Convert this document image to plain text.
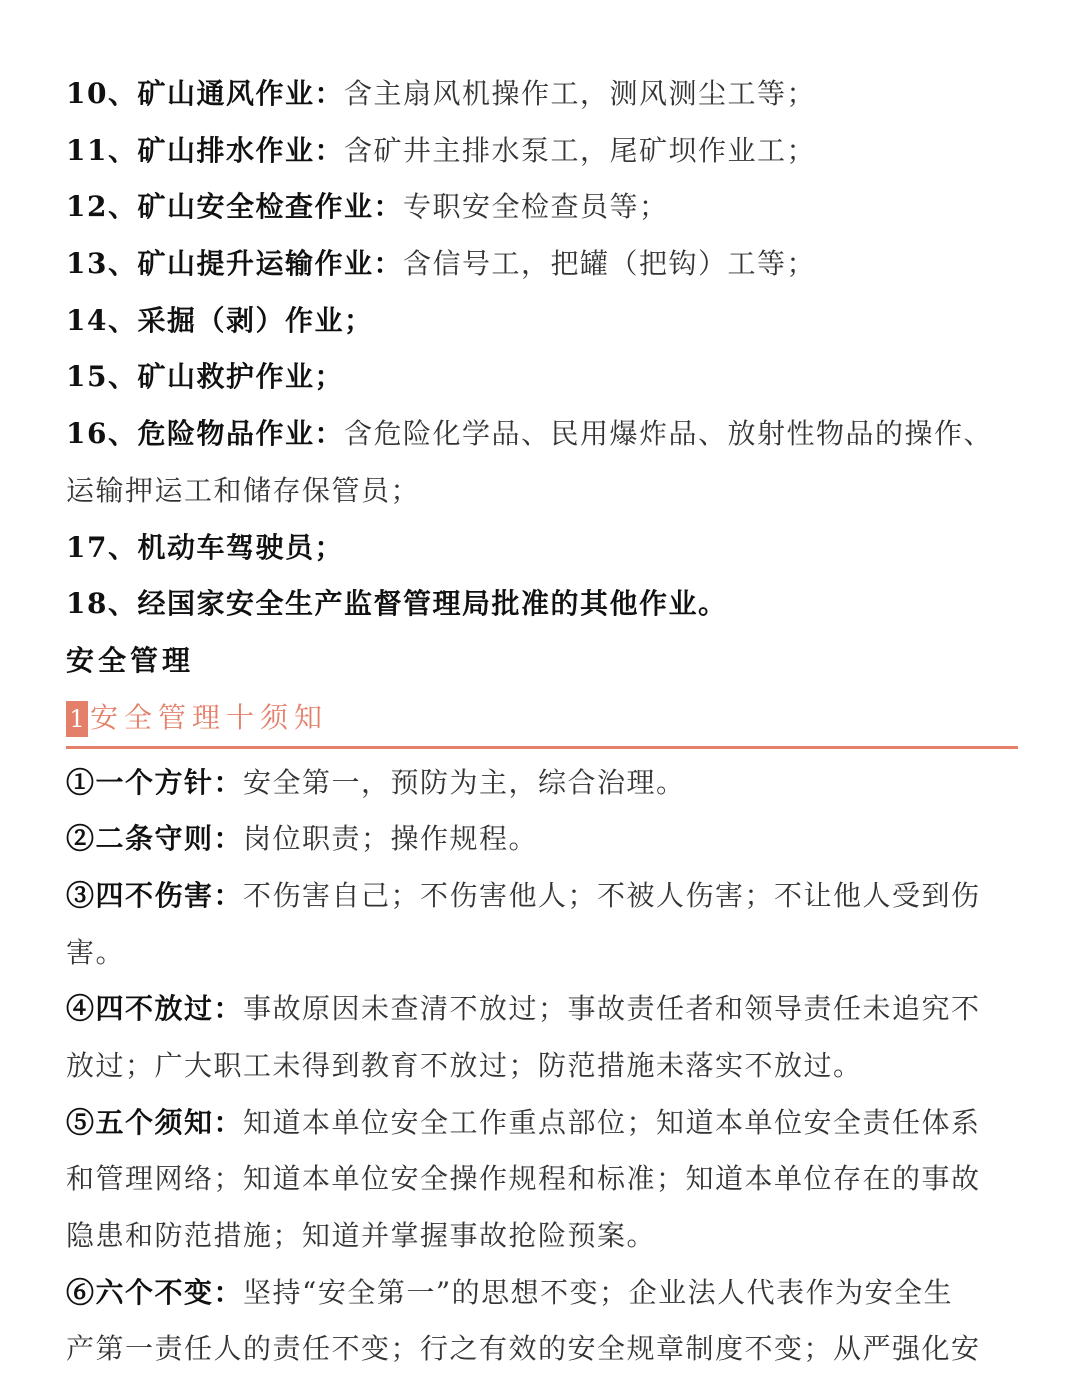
10、矿山通风作业：含主扇风机操作工，测风测尘工等；
11、矿山排水作业：含矿井主排水泵工，尾矿坝作业工；
12、矿山安全检查作业：专职安全检查员等；
13、矿山提升运输作业：含信号工，把罐（把钩）工等；
14、采掘（剥）作业；
15、矿山救护作业；
16、危险物品作业：含危险化学品、民用爆炸品、放射性物品的操作、
运输押运工和储存保管员；
17、机动车驾驶员；
18、经国家安全生产监督管理局批准的其他作业。
安全管理
1 安全管理十须知
①一个方针：安全第一，预防为主，综合治理。
②二条守则：岗位职责；操作规程。
③四不伤害：不伤害自己；不伤害他人；不被人伤害；不让他人受到伤
害。
④四不放过：事故原因未查清不放过；事故责任者和领导责任未追究不
放过；广大职工未得到教育不放过；防范措施未落实不放过。
⑤五个须知：知道本单位安全工作重点部位；知道本单位安全责任体系
和管理网络；知道本单位安全操作规程和标准；知道本单位存在的事故
隐患和防范措施；知道并掌握事故抢险预案。
⑥六个不变：坚持“安全第一”的思想不变；企业法人代表作为安全生
产第一责任人的责任不变；行之有效的安全规章制度不变；从严强化安
